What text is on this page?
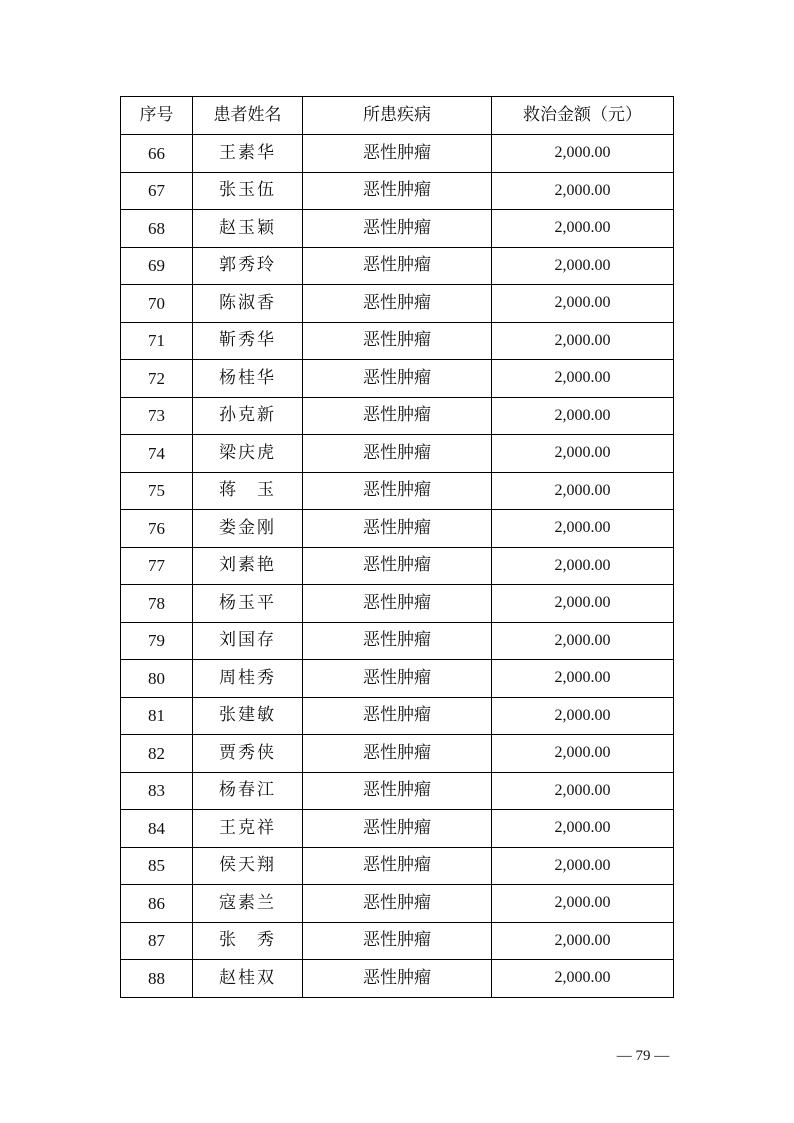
序号	患者姓名	所患疾病	救治金额（元）
66	王素华	恶性肿瘤	2,000.00
67	张玉伍	恶性肿瘤	2,000.00
68	赵玉颖	恶性肿瘤	2,000.00
69	郭秀玲	恶性肿瘤	2,000.00
70	陈淑香	恶性肿瘤	2,000.00
71	靳秀华	恶性肿瘤	2,000.00
72	杨桂华	恶性肿瘤	2,000.00
73	孙克新	恶性肿瘤	2,000.00
74	梁庆虎	恶性肿瘤	2,000.00
75	蒋　玉	恶性肿瘤	2,000.00
76	娄金刚	恶性肿瘤	2,000.00
77	刘素艳	恶性肿瘤	2,000.00
78	杨玉平	恶性肿瘤	2,000.00
79	刘国存	恶性肿瘤	2,000.00
80	周桂秀	恶性肿瘤	2,000.00
81	张建敏	恶性肿瘤	2,000.00
82	贾秀侠	恶性肿瘤	2,000.00
83	杨春江	恶性肿瘤	2,000.00
84	王克祥	恶性肿瘤	2,000.00
85	侯天翔	恶性肿瘤	2,000.00
86	寇素兰	恶性肿瘤	2,000.00
87	张　秀	恶性肿瘤	2,000.00
88	赵桂双	恶性肿瘤	2,000.00
— 79 —
